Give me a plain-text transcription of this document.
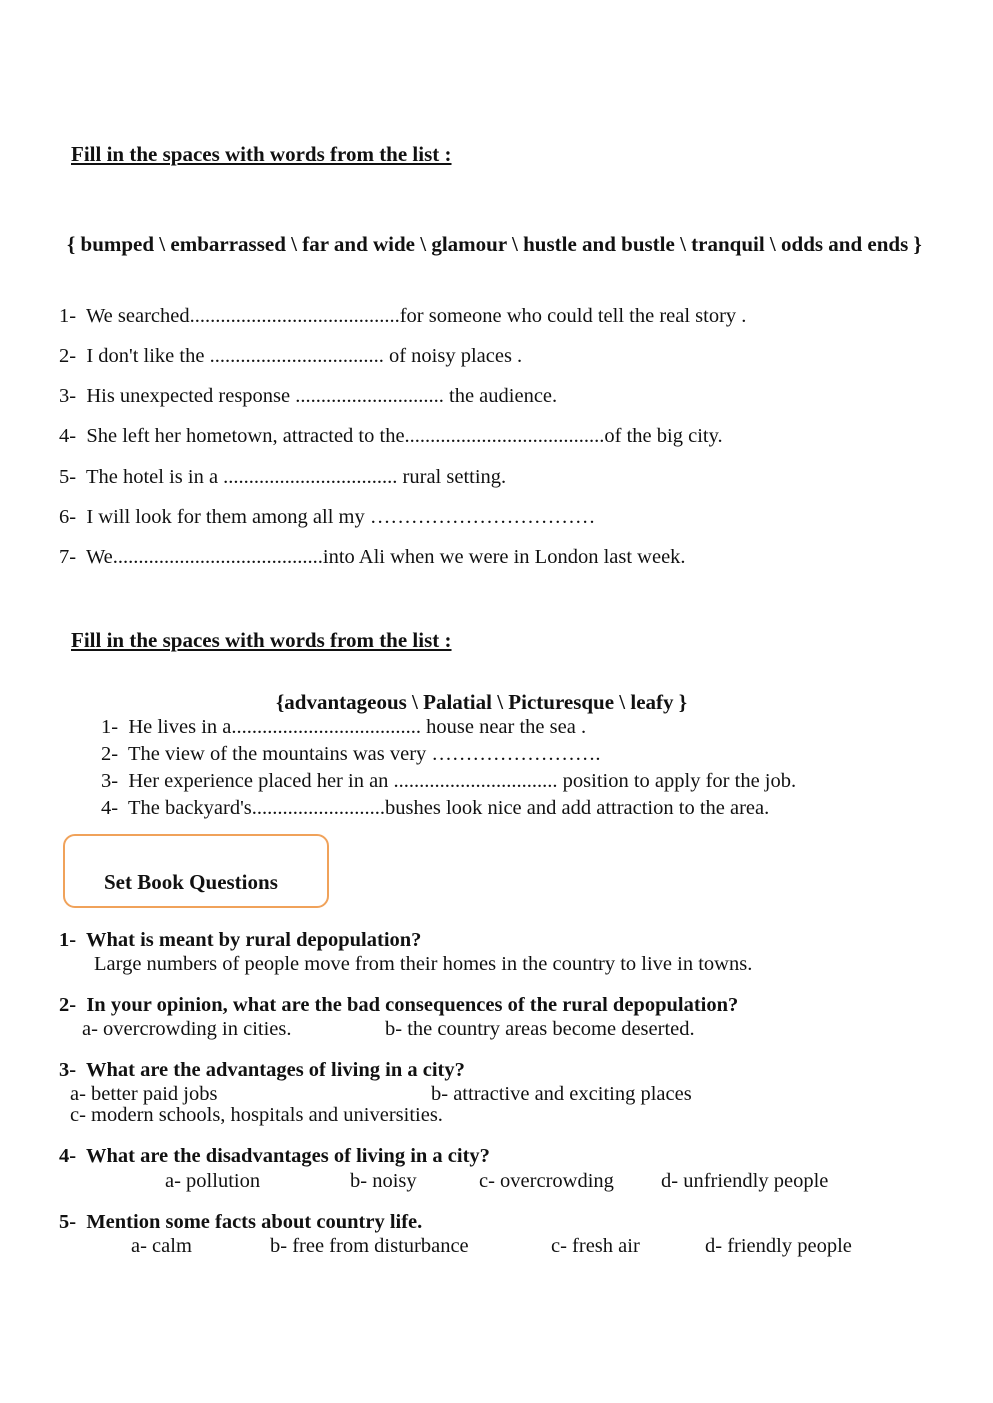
Fill in the spaces with words from the list :
{ bumped \ embarrassed \ far and wide \ glamour \ hustle and bustle \ tranquil \ odds and ends }
1- We searched.........................................for someone who could tell the real story .
2- I don't like the .................................. of noisy places .
3- His unexpected response ............................. the audience.
4- She left her hometown, attracted to the.......................................of the big city.
5- The hotel is in a .................................. rural setting.
6- I will look for them among all my ……………………………
7- We.........................................into Ali when we were in London last week.
Fill in the spaces with words from the list :
{advantageous \ Palatial \ Picturesque \ leafy }
1- He lives in a..................................... house near the sea .
2- The view of the mountains was very …………………….
3- Her experience placed her in an ................................ position to apply for the job.
4- The backyard's..........................bushes look nice and add attraction to the area.
Set Book Questions
1- What is meant by rural depopulation?
Large numbers of people move from their homes in the country to live in towns.
2- In your opinion, what are the bad consequences of the rural depopulation?
a- overcrowding in cities.	b- the country areas become deserted.
3- What are the advantages of living in a city?
a- better paid jobs	b- attractive and exciting places
c- modern schools, hospitals and universities.
4- What are the disadvantages of living in a city?
a- pollution	b- noisy	c- overcrowding d- unfriendly people
5- Mention some facts about country life.
a- calm	b- free from disturbance	c- fresh air	d- friendly people
